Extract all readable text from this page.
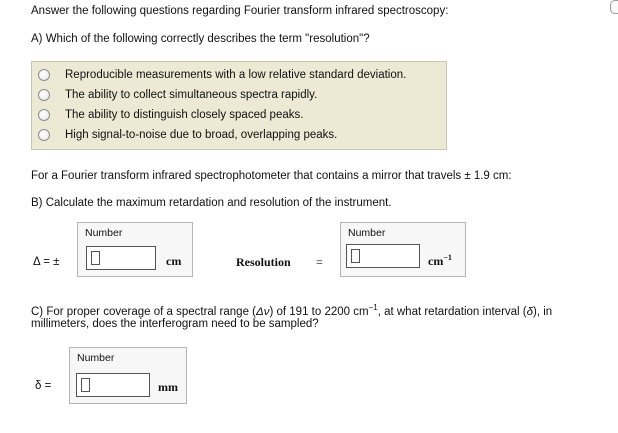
Answer the following questions regarding Fourier transform infrared spectroscopy:
A) Which of the following correctly describes the term "resolution"?
Reproducible measurements with a low relative standard deviation.
The ability to collect simultaneous spectra rapidly.
The ability to distinguish closely spaced peaks.
High signal-to-noise due to broad, overlapping peaks.
For a Fourier transform infrared spectrophotometer that contains a mirror that travels ± 1.9 cm:
B) Calculate the maximum retardation and resolution of the instrument.
Δ = ±
Number
cm	Resolution =
Number
$cm^{-1}$
C) For proper coverage of a spectral range (Δν) of 191 to 2200 $cm^{-1}$, at what retardation interval (δ), in millimeters, does the interferogram need to be sampled?
δ =
Number
mm
